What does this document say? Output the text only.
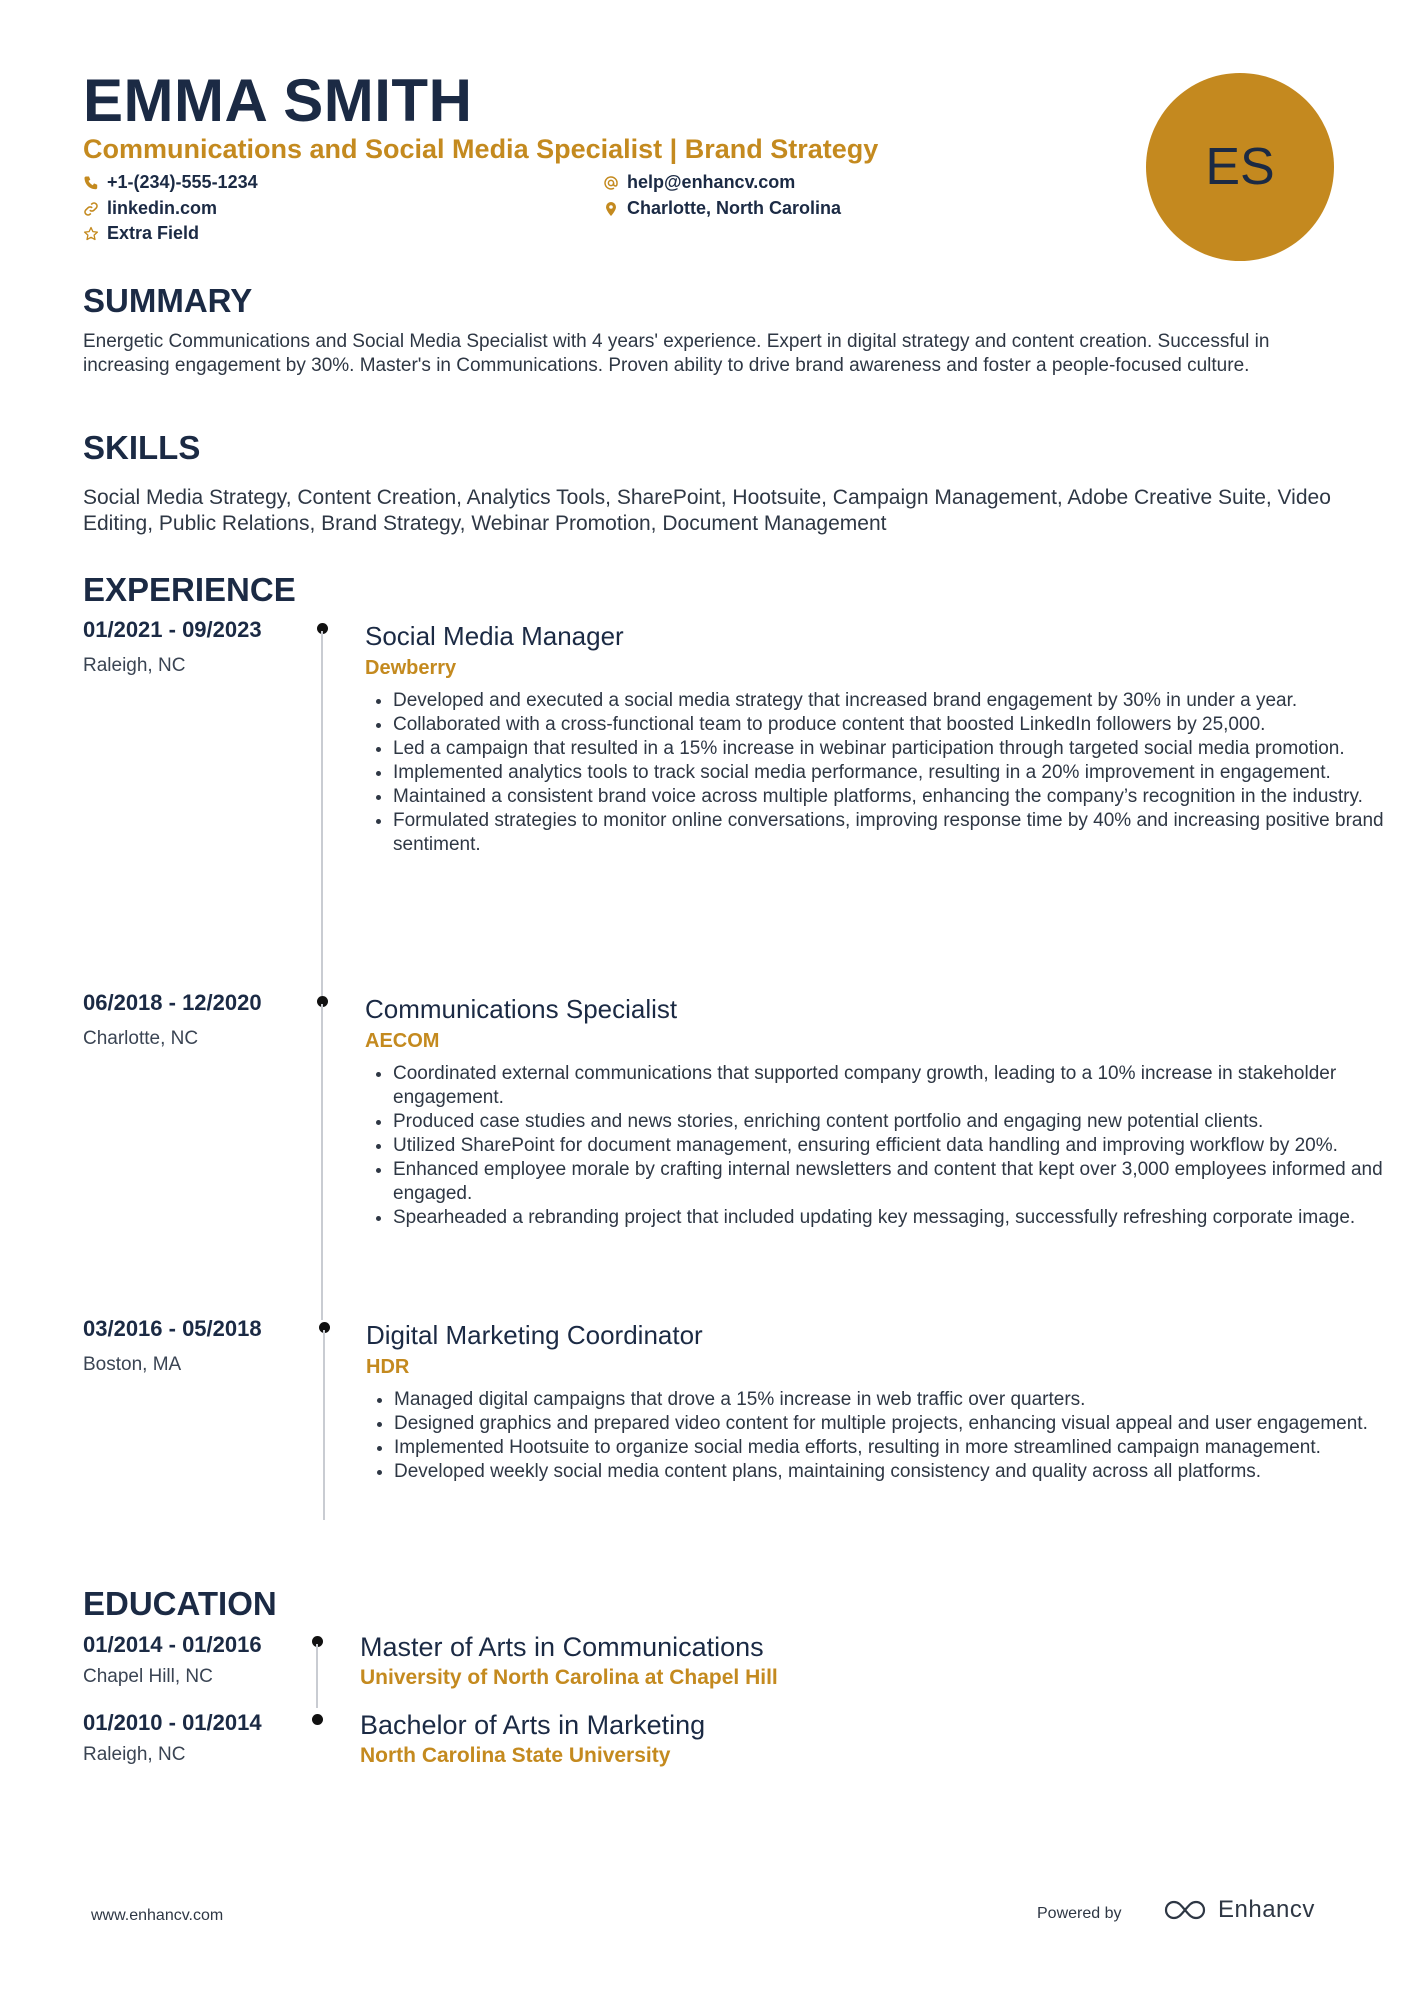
EMMA SMITH
Communications and Social Media Specialist | Brand Strategy
+1-(234)-555-1234	help@enhancv.com
linkedin.com	Charlotte, North Carolina
Extra Field
ES
SUMMARY

Energetic Communications and Social Media Specialist with 4 years' experience. Expert in digital strategy and content creation. Successful in increasing engagement by 30%. Master's in Communications. Proven ability to drive brand awareness and foster a people-focused culture.

SKILLS

Social Media Strategy, Content Creation, Analytics Tools, SharePoint, Hootsuite, Campaign Management, Adobe Creative Suite, Video Editing, Public Relations, Brand Strategy, Webinar Promotion, Document Management

EXPERIENCE
01/2021 - 09/2023
Raleigh, NC
Social Media Manager
Dewberry
• Developed and executed a social media strategy that increased brand engagement by 30% in under a year.
• Collaborated with a cross-functional team to produce content that boosted LinkedIn followers by 25,000.
• Led a campaign that resulted in a 15% increase in webinar participation through targeted social media promotion.
• Implemented analytics tools to track social media performance, resulting in a 20% improvement in engagement.
• Maintained a consistent brand voice across multiple platforms, enhancing the company’s recognition in the industry.
• Formulated strategies to monitor online conversations, improving response time by 40% and increasing positive brand sentiment.
06/2018 - 12/2020
Charlotte, NC
Communications Specialist
AECOM
• Coordinated external communications that supported company growth, leading to a 10% increase in stakeholder engagement.
• Produced case studies and news stories, enriching content portfolio and engaging new potential clients.
• Utilized SharePoint for document management, ensuring efficient data handling and improving workflow by 20%.
• Enhanced employee morale by crafting internal newsletters and content that kept over 3,000 employees informed and engaged.
• Spearheaded a rebranding project that included updating key messaging, successfully refreshing corporate image.
03/2016 - 05/2018
Boston, MA
Digital Marketing Coordinator
HDR
• Managed digital campaigns that drove a 15% increase in web traffic over quarters.
• Designed graphics and prepared video content for multiple projects, enhancing visual appeal and user engagement.
• Implemented Hootsuite to organize social media efforts, resulting in more streamlined campaign management.
• Developed weekly social media content plans, maintaining consistency and quality across all platforms.
EDUCATION
01/2014 - 01/2016
Chapel Hill, NC
Master of Arts in Communications
University of North Carolina at Chapel Hill
01/2010 - 01/2014
Raleigh, NC
Bachelor of Arts in Marketing
North Carolina State University
www.enhancv.com	Powered by	Enhancv
